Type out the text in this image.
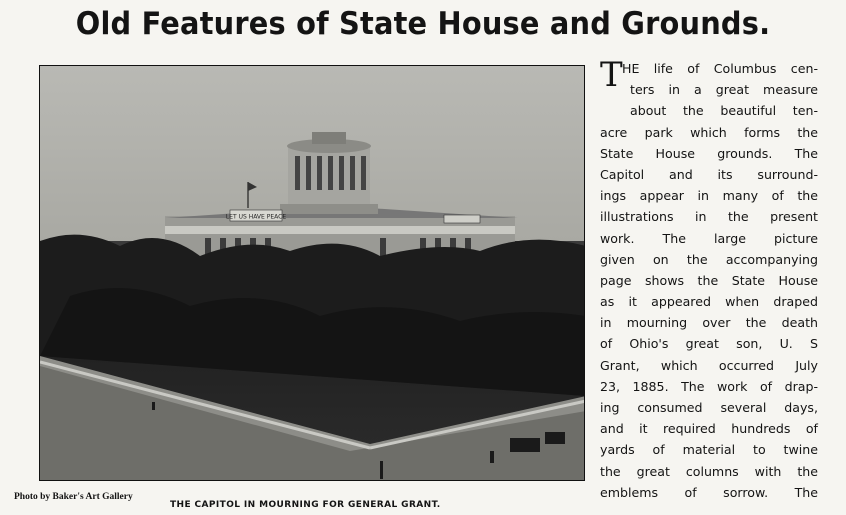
Old Features of State House and Grounds.
LET US HAVE PEACE
Photo by Baker's Art Gallery
THE CAPITOL IN MOURNING FOR GENERAL GRANT.
T HE life of Columbus cen-
ters in a great measure
about the beautiful ten-
acre park which forms the
State House grounds. The
Capitol and its surround-
ings appear in many of the
illustrations in the present
work. The large picture
given on the accompanying
page shows the State House
as it appeared when draped
in mourning over the death
of Ohio's great son, U. S
Grant, which occurred July
23, 1885. The work of drap-
ing consumed several days,
and it required hundreds of
yards of material to twine
the great columns with the
emblems of sorrow. The
